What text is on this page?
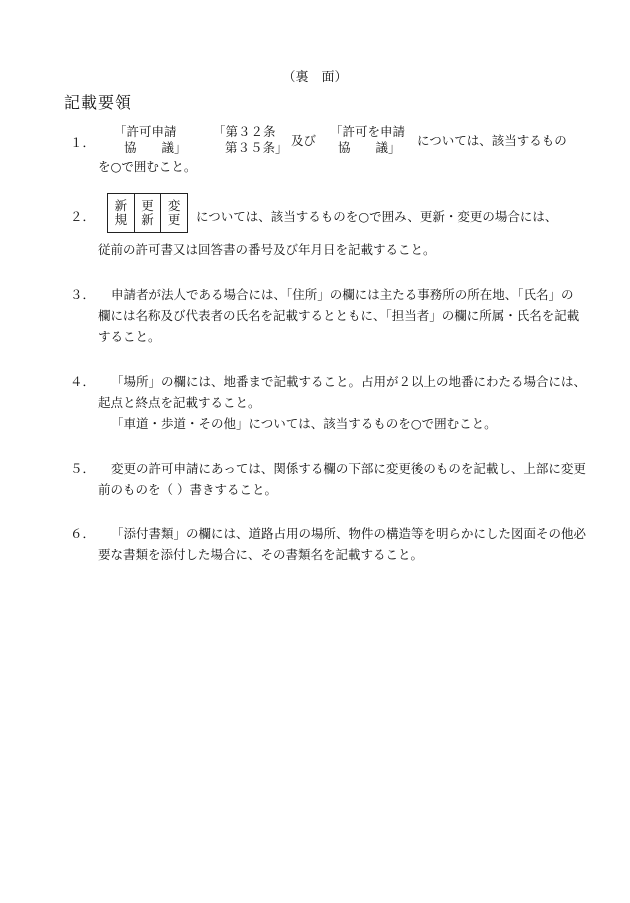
（裏　面）
記載要領
１．
「許可申請
協　　議」
「第３２条
第３５条」 及び
「許可を申請
協　　議」	については、該当するもの
を○で囲むこと。
２．
新
規
更
新
変
更 については、該当するものを○で囲み、更新・変更の場合には、
従前の許可書又は回答書の番号及び年月日を記載すること。
３． 申請者が法人である場合には、「住所」の欄には主たる事務所の所在地、「氏名」の
欄には名称及び代表者の氏名を記載するとともに、「担当者」の欄に所属・氏名を記載
すること。
４． 「場所」の欄には、地番まで記載すること。占用が２以上の地番にわたる場合には、
起点と終点を記載すること。
「車道・歩道・その他」については、該当するものを○で囲むこと。
５． 変更の許可申請にあっては、関係する欄の下部に変更後のものを記載し、上部に変更
前のものを（ ）書きすること。
６． 「添付書類」の欄には、道路占用の場所、物件の構造等を明らかにした図面その他必
要な書類を添付した場合に、その書類名を記載すること。
